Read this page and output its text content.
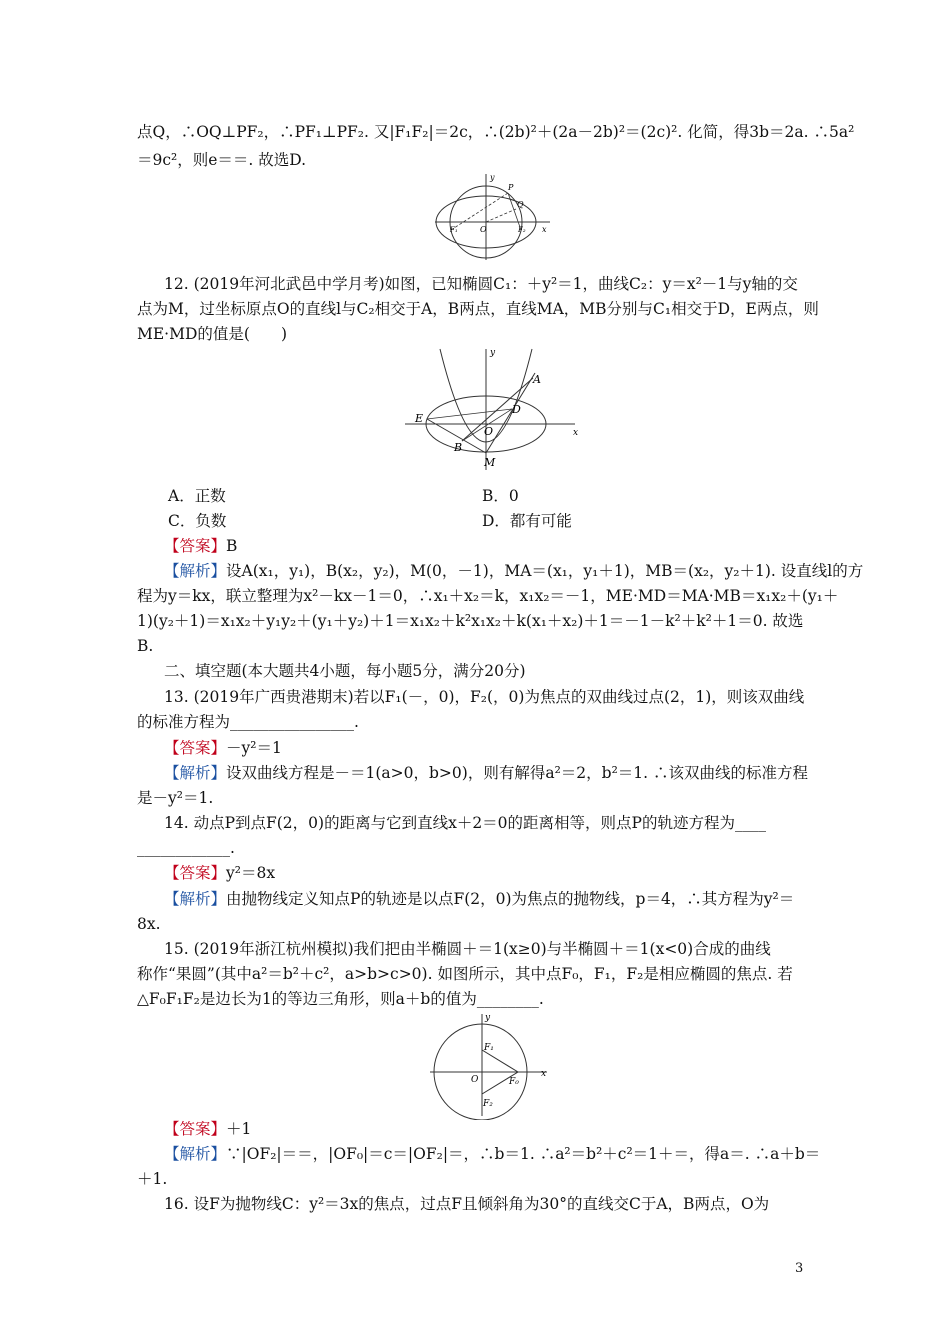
点Q，∴OQ⊥PF₂，∴PF₁⊥PF₂. 又|F₁F₂|＝2c，∴(2b)²＋(2a－2b)²＝(2c)². 化简，得3b＝2a. ∴5a²
＝9c²，则e＝＝. 故选D.
y
x
P
Q
O
F₁	F₂
12. (2019年河北武邑中学月考)如图，已知椭圆C₁：＋y²＝1，曲线C₂：y＝x²－1与y轴的交
点为M，过坐标原点O的直线l与C₂相交于A，B两点，直线MA，MB分别与C₁相交于D，E两点，则
ME·MD的值是(　　)
y
x
A
D
E
O
B
M
A．正数	B．0
C．负数	D．都有可能
【答案】B
【解析】设A(x₁，y₁)，B(x₂，y₂)，M(0，－1)，MA＝(x₁，y₁＋1)，MB＝(x₂，y₂＋1). 设直线l的方
程为y＝kx，联立整理为x²－kx－1＝0，∴x₁＋x₂＝k，x₁x₂＝－1，ME·MD＝MA·MB＝x₁x₂＋(y₁＋
1)(y₂＋1)＝x₁x₂＋y₁y₂＋(y₁＋y₂)＋1＝x₁x₂＋k²x₁x₂＋k(x₁＋x₂)＋1＝－1－k²＋k²＋1＝0. 故选
B.
二、填空题(本大题共4小题，每小题5分，满分20分)
13. (2019年广西贵港期末)若以F₁(－，0)，F₂(，0)为焦点的双曲线过点(2，1)，则该双曲线
的标准方程为________________.
【答案】－y²＝1
【解析】设双曲线方程是－＝1(a>0，b>0)，则有解得a²＝2，b²＝1. ∴该双曲线的标准方程
是－y²＝1.
14. 动点P到点F(2，0)的距离与它到直线x＋2＝0的距离相等，则点P的轨迹方程为____
____________.
【答案】y²＝8x
【解析】由抛物线定义知点P的轨迹是以点F(2，0)为焦点的抛物线，p＝4，∴其方程为y²＝
8x.
15. (2019年浙江杭州模拟)我们把由半椭圆＋＝1(x≥0)与半椭圆＋＝1(x<0)合成的曲线
称作“果圆”(其中a²＝b²＋c²，a>b>c>0). 如图所示，其中点F₀，F₁，F₂是相应椭圆的焦点. 若
△F₀F₁F₂是边长为1的等边三角形，则a＋b的值为________.
y
x
F₁
F₀
F₂
O
【答案】＋1
【解析】∵|OF₂|＝＝，|OF₀|＝c＝|OF₂|＝，∴b＝1. ∴a²＝b²＋c²＝1＋＝，得a＝. ∴a＋b＝
＋1.
16. 设F为抛物线C：y²＝3x的焦点，过点F且倾斜角为30°的直线交C于A，B两点，O为
3
